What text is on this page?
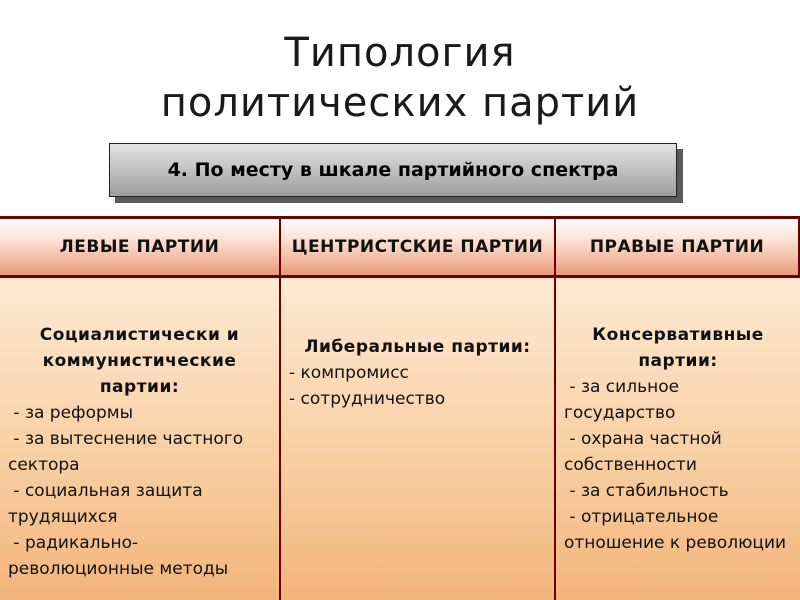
Типология политических партий
4. По месту в шкале партийного спектра
ЛЕВЫЕ ПАРТИИ	ЦЕНТРИСТСКИЕ ПАРТИИ	ПРАВЫЕ ПАРТИИ
Социалистически и коммунистические партии:
- за реформы
- за вытеснение частного сектора
- социальная защита трудящихся
- радикально-революционные методы
Либеральные партии:
- компромисс
- сотрудничество
Консервативные партии:
- за сильное государство
- охрана частной собственности
- за стабильность
- отрицательное отношение к революции
